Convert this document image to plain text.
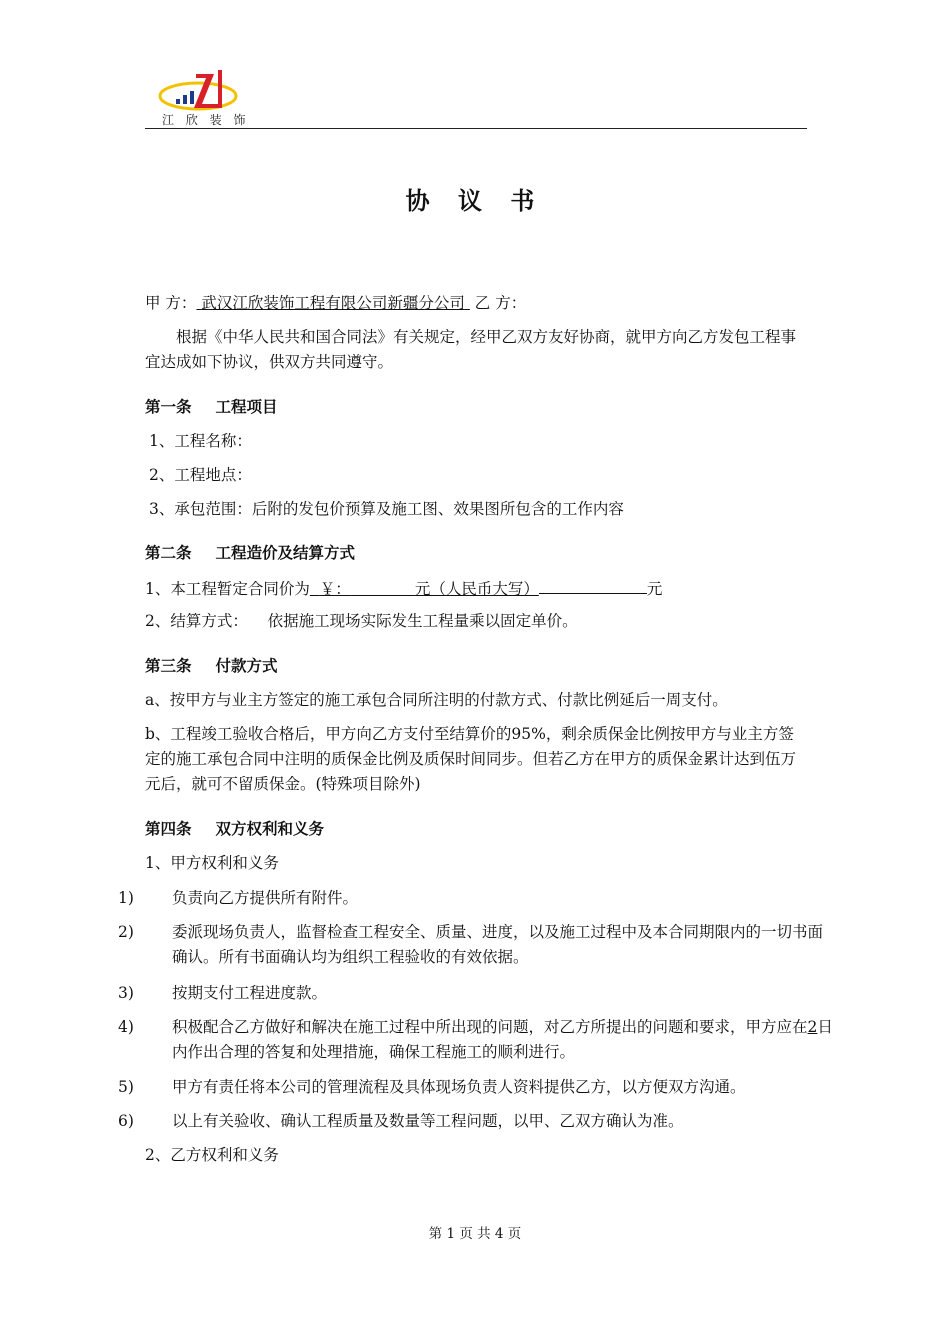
江 欣 装 饰
协 议 书
甲 方： 武汉江欣装饰工程有限公司新疆分公司 乙 方：
根据《中华人民共和国合同法》有关规定，经甲乙双方友好协商，就甲方向乙方发包工程事宜达成如下协议，供双方共同遵守。
第一条 工程项目
1、工程名称：
2、工程地点：
3、承包范围：后附的发包价预算及施工图、效果图所包含的工作内容
第二条 工程造价及结算方式
1、本工程暂定合同价为 ￥：	元（人民币大写）	元
2、结算方式： 依据施工现场实际发生工程量乘以固定单价。
第三条 付款方式
a、按甲方与业主方签定的施工承包合同所注明的付款方式、付款比例延后一周支付。
b、工程竣工验收合格后，甲方向乙方支付至结算价的95%，剩余质保金比例按甲方与业主方签定的施工承包合同中注明的质保金比例及质保时间同步。但若乙方在甲方的质保金累计达到伍万元后，就可不留质保金。(特殊项目除外)
第四条 双方权利和义务
1、甲方权利和义务
1) 负责向乙方提供所有附件。
2) 委派现场负责人，监督检查工程安全、质量、进度，以及施工过程中及本合同期限内的一切书面确认。所有书面确认均为组织工程验收的有效依据。
3) 按期支付工程进度款。
4) 积极配合乙方做好和解决在施工过程中所出现的问题，对乙方所提出的问题和要求，甲方应在2日内作出合理的答复和处理措施，确保工程施工的顺利进行。
5) 甲方有责任将本公司的管理流程及具体现场负责人资料提供乙方，以方便双方沟通。
6) 以上有关验收、确认工程质量及数量等工程问题，以甲、乙双方确认为准。
2、乙方权利和义务
第 1 页 共 4 页
